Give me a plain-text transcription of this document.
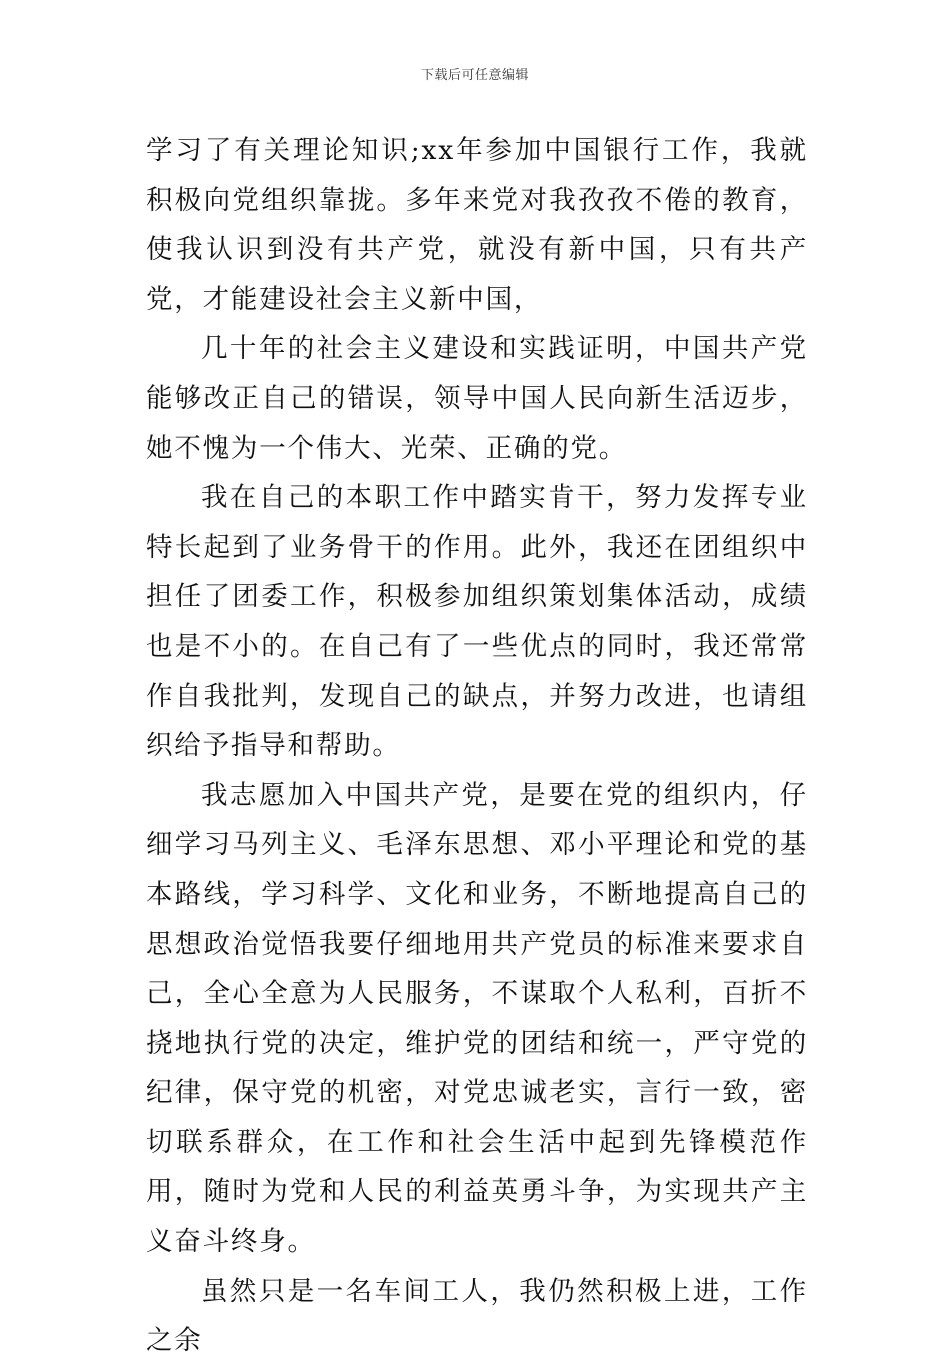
下载后可任意编辑

学习了有关理论知识;xx年参加中国银行工作，我就积极向党组织靠拢。多年来党对我孜孜不倦的教育，使我认识到没有共产党，就没有新中国，只有共产党，才能建设社会主义新中国，

几十年的社会主义建设和实践证明，中国共产党能够改正自己的错误，领导中国人民向新生活迈步，她不愧为一个伟大、光荣、正确的党。

我在自己的本职工作中踏实肯干，努力发挥专业特长起到了业务骨干的作用。此外，我还在团组织中担任了团委工作，积极参加组织策划集体活动，成绩也是不小的。在自己有了一些优点的同时，我还常常作自我批判，发现自己的缺点，并努力改进，也请组织给予指导和帮助。

我志愿加入中国共产党，是要在党的组织内，仔细学习马列主义、毛泽东思想、邓小平理论和党的基本路线，学习科学、文化和业务，不断地提高自己的思想政治觉悟我要仔细地用共产党员的标准来要求自己，全心全意为人民服务，不谋取个人私利，百折不挠地执行党的决定，维护党的团结和统一，严守党的纪律，保守党的机密，对党忠诚老实，言行一致，密切联系群众，在工作和社会生活中起到先锋模范作用，随时为党和人民的利益英勇斗争，为实现共产主义奋斗终身。

虽然只是一名车间工人，我仍然积极上进，工作之余
